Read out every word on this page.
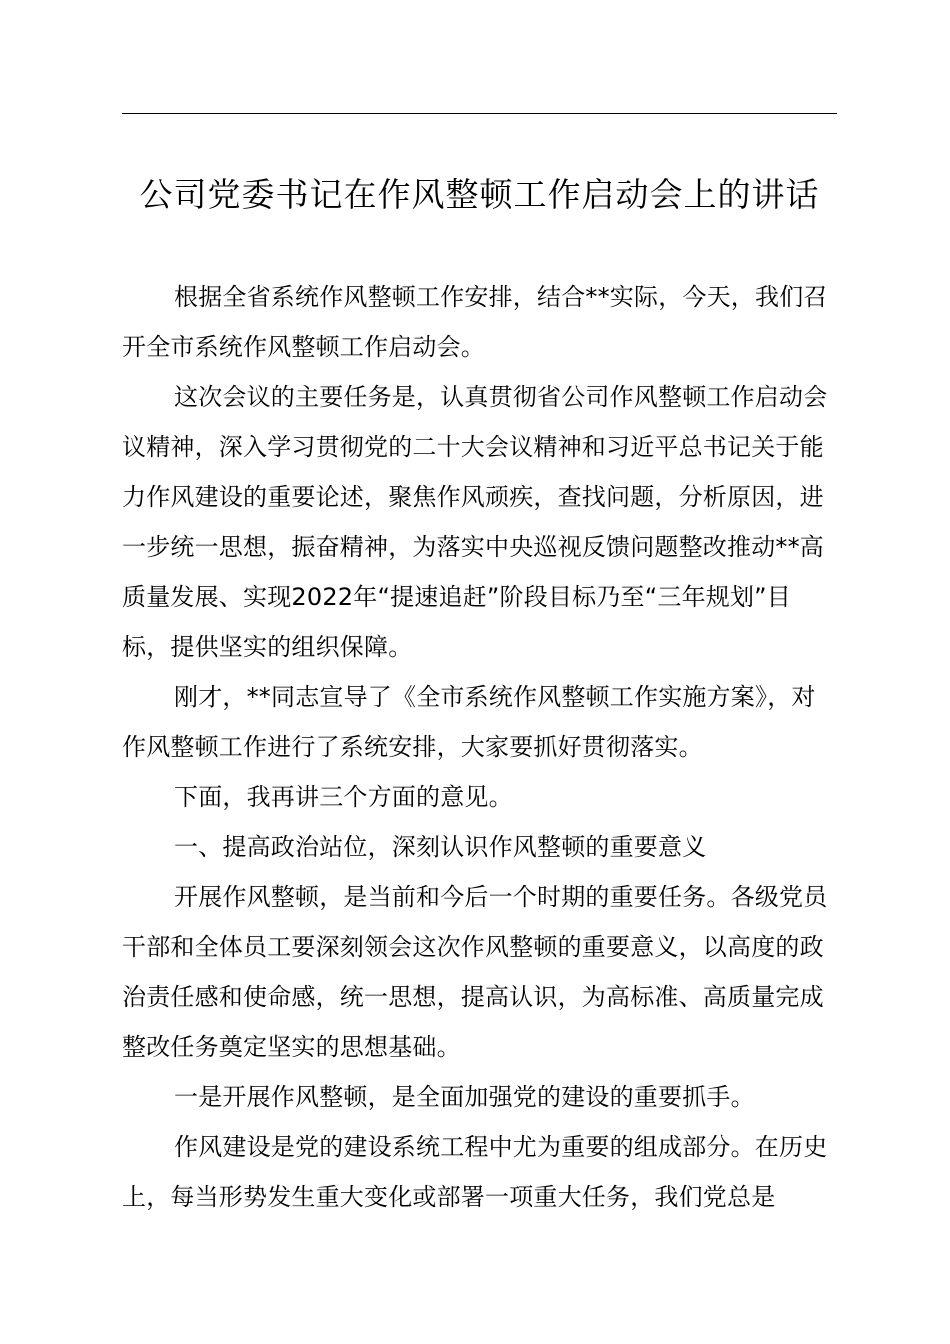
公司党委书记在作风整顿工作启动会上的讲话

根据全省系统作风整顿工作安排，结合**实际，今天，我们召开全市系统作风整顿工作启动会。

这次会议的主要任务是，认真贯彻省公司作风整顿工作启动会议精神，深入学习贯彻党的二十大会议精神和习近平总书记关于能力作风建设的重要论述，聚焦作风顽疾，查找问题，分析原因，进一步统一思想，振奋精神，为落实中央巡视反馈问题整改推动**高质量发展、实现2022年“提速追赶”阶段目标乃至“三年规划”目标，提供坚实的组织保障。

刚才，**同志宣导了《全市系统作风整顿工作实施方案》，对作风整顿工作进行了系统安排，大家要抓好贯彻落实。

下面，我再讲三个方面的意见。

一、提高政治站位，深刻认识作风整顿的重要意义

开展作风整顿，是当前和今后一个时期的重要任务。各级党员干部和全体员工要深刻领会这次作风整顿的重要意义，以高度的政治责任感和使命感，统一思想，提高认识，为高标准、高质量完成整改任务奠定坚实的思想基础。

一是开展作风整顿，是全面加强党的建设的重要抓手。

作风建设是党的建设系统工程中尤为重要的组成部分。在历史上，每当形势发生重大变化或部署一项重大任务，我们党总是
